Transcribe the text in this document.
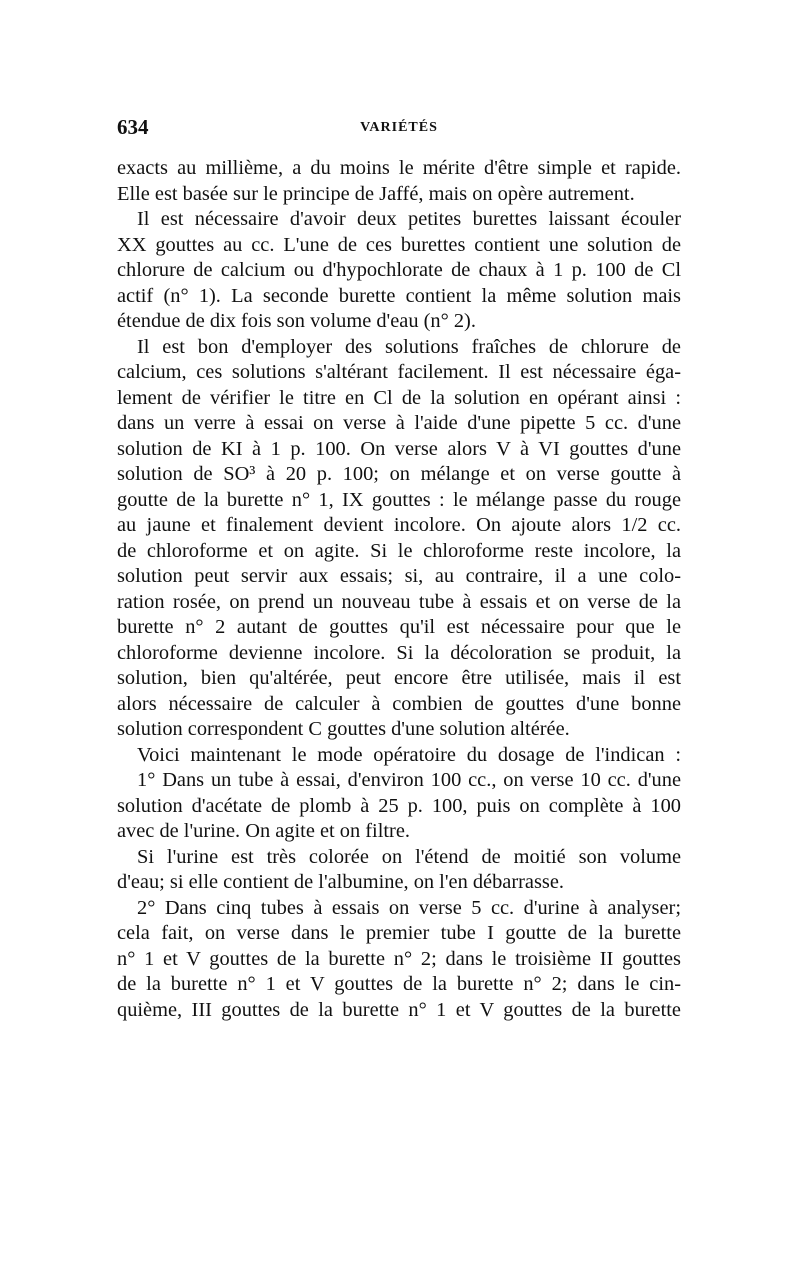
634	VARIÉTÉS
exacts au millième, a du moins le mérite d'être simple et rapide.
Elle est basée sur le principe de Jaffé, mais on opère autrement.
Il est nécessaire d'avoir deux petites burettes laissant écouler
XX gouttes au cc. L'une de ces burettes contient une solution de
chlorure de calcium ou d'hypochlorate de chaux à 1 p. 100 de Cl
actif (n° 1). La seconde burette contient la même solution mais
étendue de dix fois son volume d'eau (n° 2).
Il est bon d'employer des solutions fraîches de chlorure de
calcium, ces solutions s'altérant facilement. Il est nécessaire éga-
lement de vérifier le titre en Cl de la solution en opérant ainsi :
dans un verre à essai on verse à l'aide d'une pipette 5 cc. d'une
solution de KI à 1 p. 100. On verse alors V à VI gouttes d'une
solution de SO³ à 20 p. 100; on mélange et on verse goutte à
goutte de la burette n° 1, IX gouttes : le mélange passe du rouge
au jaune et finalement devient incolore. On ajoute alors 1/2 cc.
de chloroforme et on agite. Si le chloroforme reste incolore, la
solution peut servir aux essais; si, au contraire, il a une colo-
ration rosée, on prend un nouveau tube à essais et on verse de la
burette n° 2 autant de gouttes qu'il est nécessaire pour que le
chloroforme devienne incolore. Si la décoloration se produit, la
solution, bien qu'altérée, peut encore être utilisée, mais il est
alors nécessaire de calculer à combien de gouttes d'une bonne
solution correspondent C gouttes d'une solution altérée.
Voici maintenant le mode opératoire du dosage de l'indican :
1° Dans un tube à essai, d'environ 100 cc., on verse 10 cc. d'une
solution d'acétate de plomb à 25 p. 100, puis on complète à 100
avec de l'urine. On agite et on filtre.
Si l'urine est très colorée on l'étend de moitié son volume
d'eau; si elle contient de l'albumine, on l'en débarrasse.
2° Dans cinq tubes à essais on verse 5 cc. d'urine à analyser;
cela fait, on verse dans le premier tube I goutte de la burette
n° 1 et V gouttes de la burette n° 2; dans le troisième II gouttes
de la burette n° 1 et V gouttes de la burette n° 2; dans le cin-
quième, III gouttes de la burette n° 1 et V gouttes de la burette
